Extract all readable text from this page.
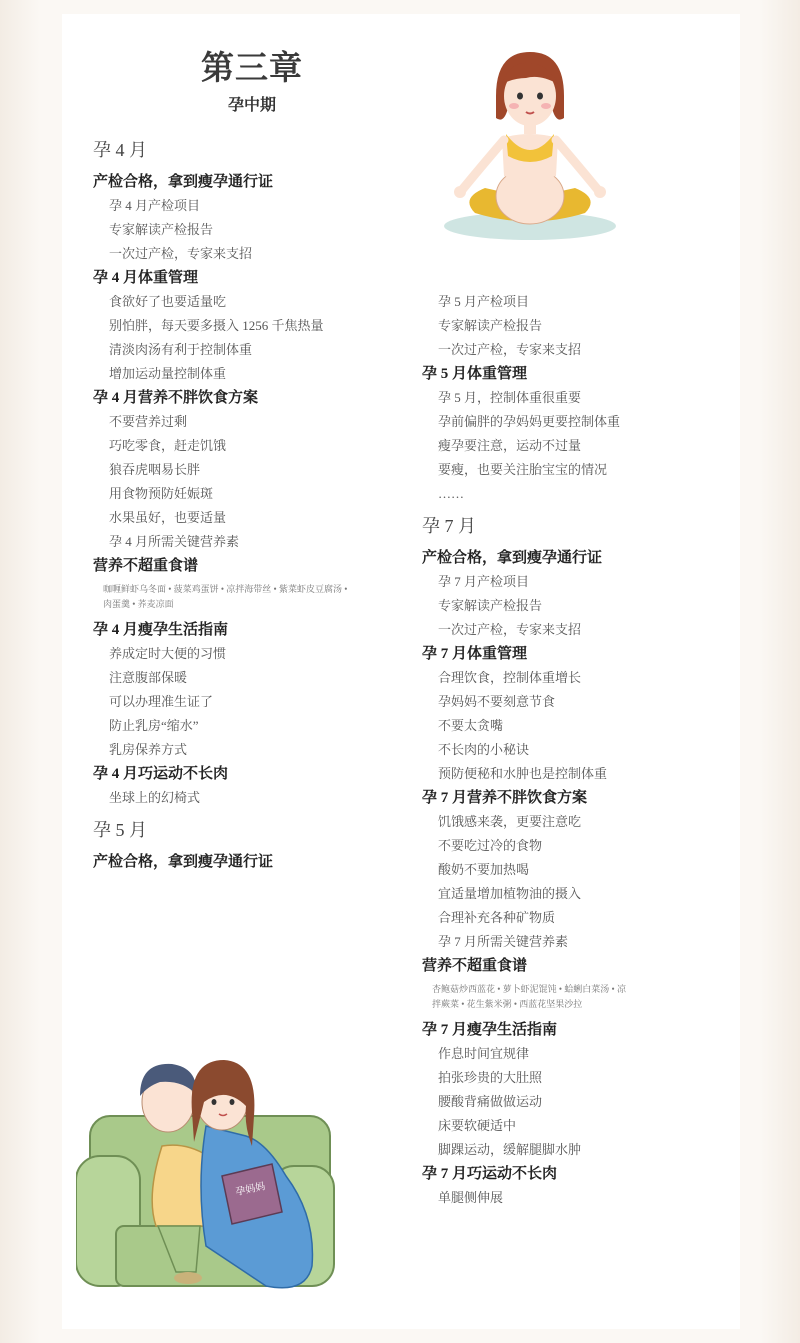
第三章
孕中期
孕妈妈
孕 4 月
产检合格，拿到瘦孕通行证
孕 4 月产检项目
专家解读产检报告
一次过产检，专家来支招
孕 4 月体重管理
食欲好了也要适量吃
别怕胖，每天要多摄入 1256 千焦热量
清淡肉汤有利于控制体重
增加运动量控制体重
孕 4 月营养不胖饮食方案
不要营养过剩
巧吃零食，赶走饥饿
狼吞虎咽易长胖
用食物预防妊娠斑
水果虽好，也要适量
孕 4 月所需关键营养素
营养不超重食谱
咖喱鲜虾乌冬面 • 菠菜鸡蛋饼 • 凉拌海带丝 • 紫菜虾皮豆腐汤 •
肉蛋羹 • 荞麦凉面
孕 4 月瘦孕生活指南
养成定时大便的习惯
注意腹部保暖
可以办理准生证了
防止乳房“缩水”
乳房保养方式
孕 4 月巧运动不长肉
坐球上的幻椅式
孕 5 月
产检合格，拿到瘦孕通行证
孕 5 月产检项目
专家解读产检报告
一次过产检，专家来支招
孕 5 月体重管理
孕 5 月，控制体重很重要
孕前偏胖的孕妈妈更要控制体重
瘦孕要注意，运动不过量
要瘦，也要关注胎宝宝的情况
……
孕 7 月
产检合格，拿到瘦孕通行证
孕 7 月产检项目
专家解读产检报告
一次过产检，专家来支招
孕 7 月体重管理
合理饮食，控制体重增长
孕妈妈不要刻意节食
不要太贪嘴
不长肉的小秘诀
预防便秘和水肿也是控制体重
孕 7 月营养不胖饮食方案
饥饿感来袭，更要注意吃
不要吃过冷的食物
酸奶不要加热喝
宜适量增加植物油的摄入
合理补充各种矿物质
孕 7 月所需关键营养素
营养不超重食谱
杏鲍菇炒西蓝花 • 萝卜虾泥馄饨 • 蛤蜊白菜汤 • 凉
拌蕨菜 • 花生紫米粥 • 西蓝花坚果沙拉
孕 7 月瘦孕生活指南
作息时间宜规律
拍张珍贵的大肚照
腰酸背痛做做运动
床要软硬适中
脚踝运动，缓解腿脚水肿
孕 7 月巧运动不长肉
单腿侧伸展
